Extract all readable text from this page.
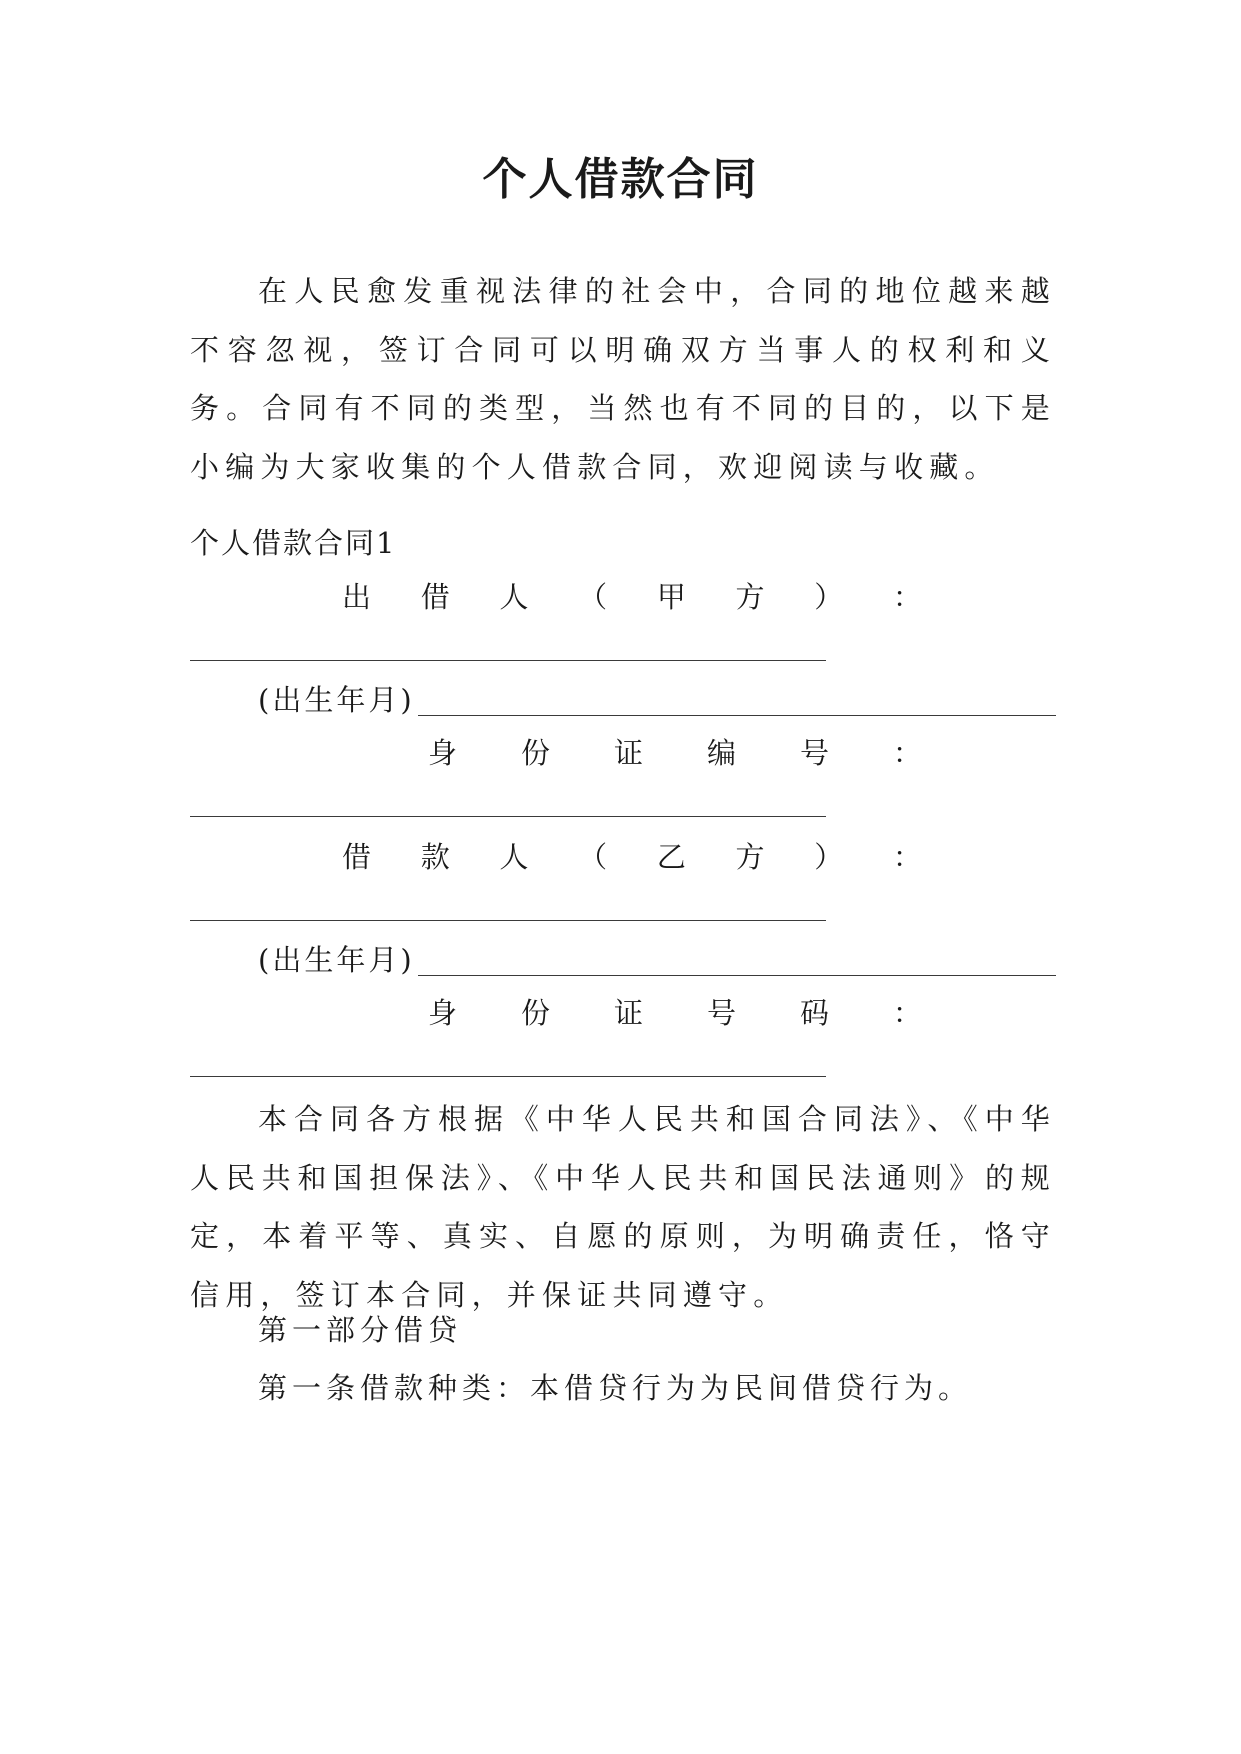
个人借款合同

在人民愈发重视法律的社会中，合同的地位越来越不容忽视，签订合同可以明确双方当事人的权利和义务。合同有不同的类型，当然也有不同的目的，以下是小编为大家收集的个人借款合同，欢迎阅读与收藏。

个人借款合同1
出 借 人 （ 甲 方 ） ：
(出生年月)
身 份 证 编 号 ：
借 款 人 （ 乙 方 ） ：
(出生年月)
身 份 证 号 码 ：

本合同各方根据《中华人民共和国合同法》、《中华人民共和国担保法》、《中华人民共和国民法通则》的规定，本着平等、真实、自愿的原则，为明确责任，恪守信用，签订本合同，并保证共同遵守。

第一部分借贷
第一条借款种类：本借贷行为为民间借贷行为。
